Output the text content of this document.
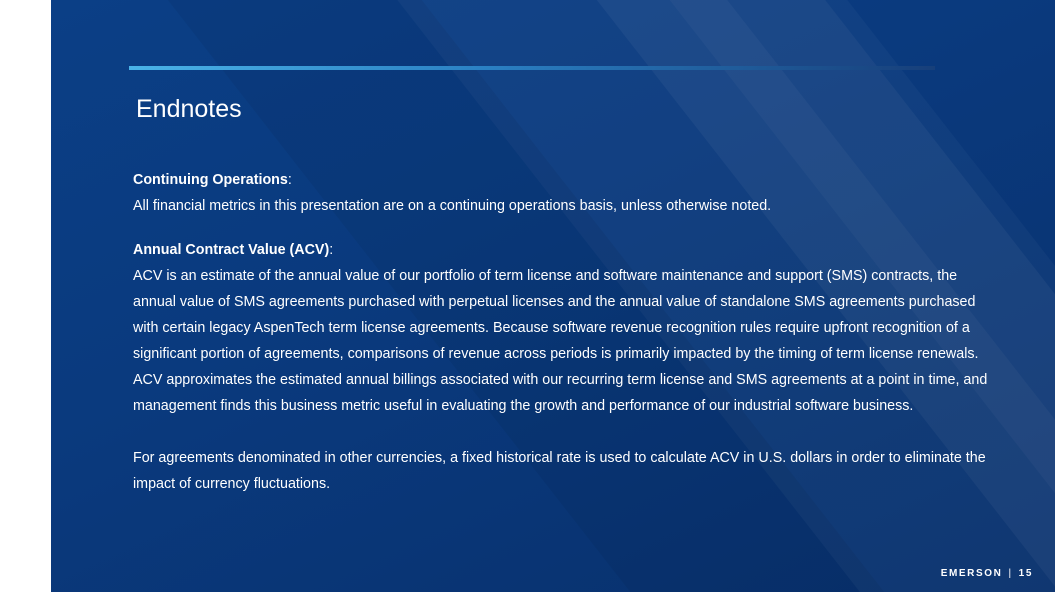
Endnotes

Continuing Operations:

All financial metrics in this presentation are on a continuing operations basis, unless otherwise noted.

Annual Contract Value (ACV):

ACV is an estimate of the annual value of our portfolio of term license and software maintenance and support (SMS) contracts, the annual value of SMS agreements purchased with perpetual licenses and the annual value of standalone SMS agreements purchased with certain legacy AspenTech term license agreements. Because software revenue recognition rules require upfront recognition of a significant portion of agreements, comparisons of revenue across periods is primarily impacted by the timing of term license renewals. ACV approximates the estimated annual billings associated with our recurring term license and SMS agreements at a point in time, and management finds this business metric useful in evaluating the growth and performance of our industrial software business.

For agreements denominated in other currencies, a fixed historical rate is used to calculate ACV in U.S. dollars in order to eliminate the impact of currency fluctuations.

EMERSON | 15
